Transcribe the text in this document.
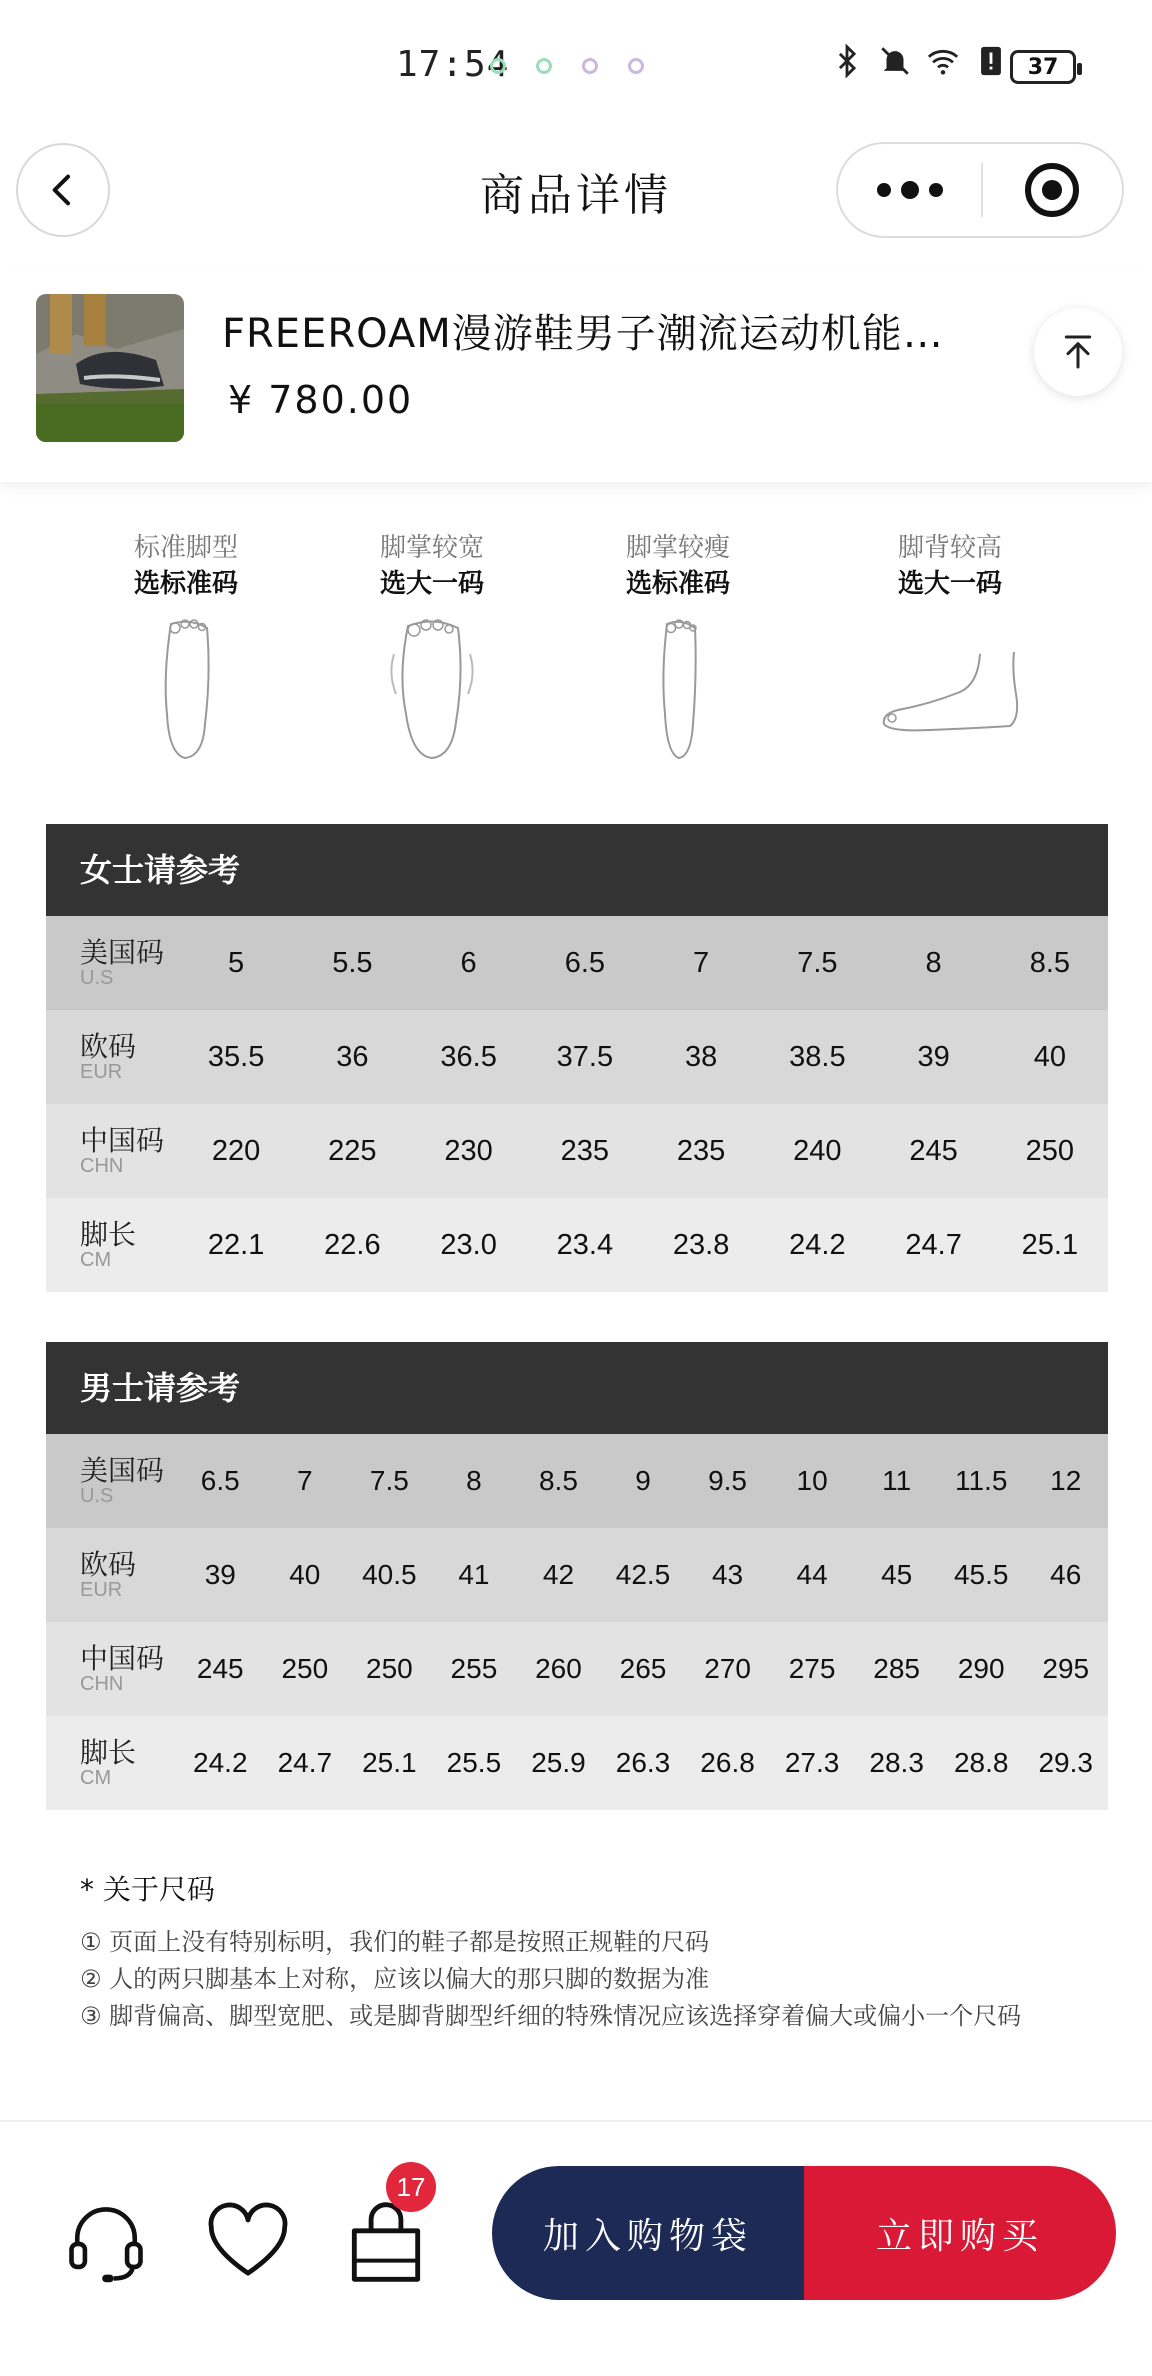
17:54	37
商品详情
FREEROAM漫游鞋男子潮流运动机能…
¥ 780.00
标准脚型
选标准码
脚掌较宽
选大一码
脚掌较瘦
选标准码
脚背较高
选大一码
女士请参考
美国码
U.S	5	5.5	6	6.5	7	7.5	8	8.5
欧码
EUR	35.5	36	36.5	37.5	38	38.5	39	40
中国码
CHN	220	225	230	235	235	240	245	250
脚长
CM	22.1	22.6	23.0	23.4	23.8	24.2	24.7	25.1
男士请参考
美国码
U.S	6.5	7	7.5	8	8.5	9	9.5	10	11	11.5	12
欧码
EUR	39	40	40.5	41	42	42.5	43	44	45	45.5	46
中国码
CHN	245	250	250	255	260	265	270	275	285	290	295
脚长
CM	24.2	24.7	25.1	25.5	25.9	26.3	26.8	27.3	28.3	28.8	29.3
* 关于尺码
① 页面上没有特别标明，我们的鞋子都是按照正规鞋的尺码
② 人的两只脚基本上对称，应该以偏大的那只脚的数据为准
③ 脚背偏高、脚型宽肥、或是脚背脚型纤细的特殊情况应该选择穿着偏大或偏小一个尺码
17
加入购物袋	立即购买
